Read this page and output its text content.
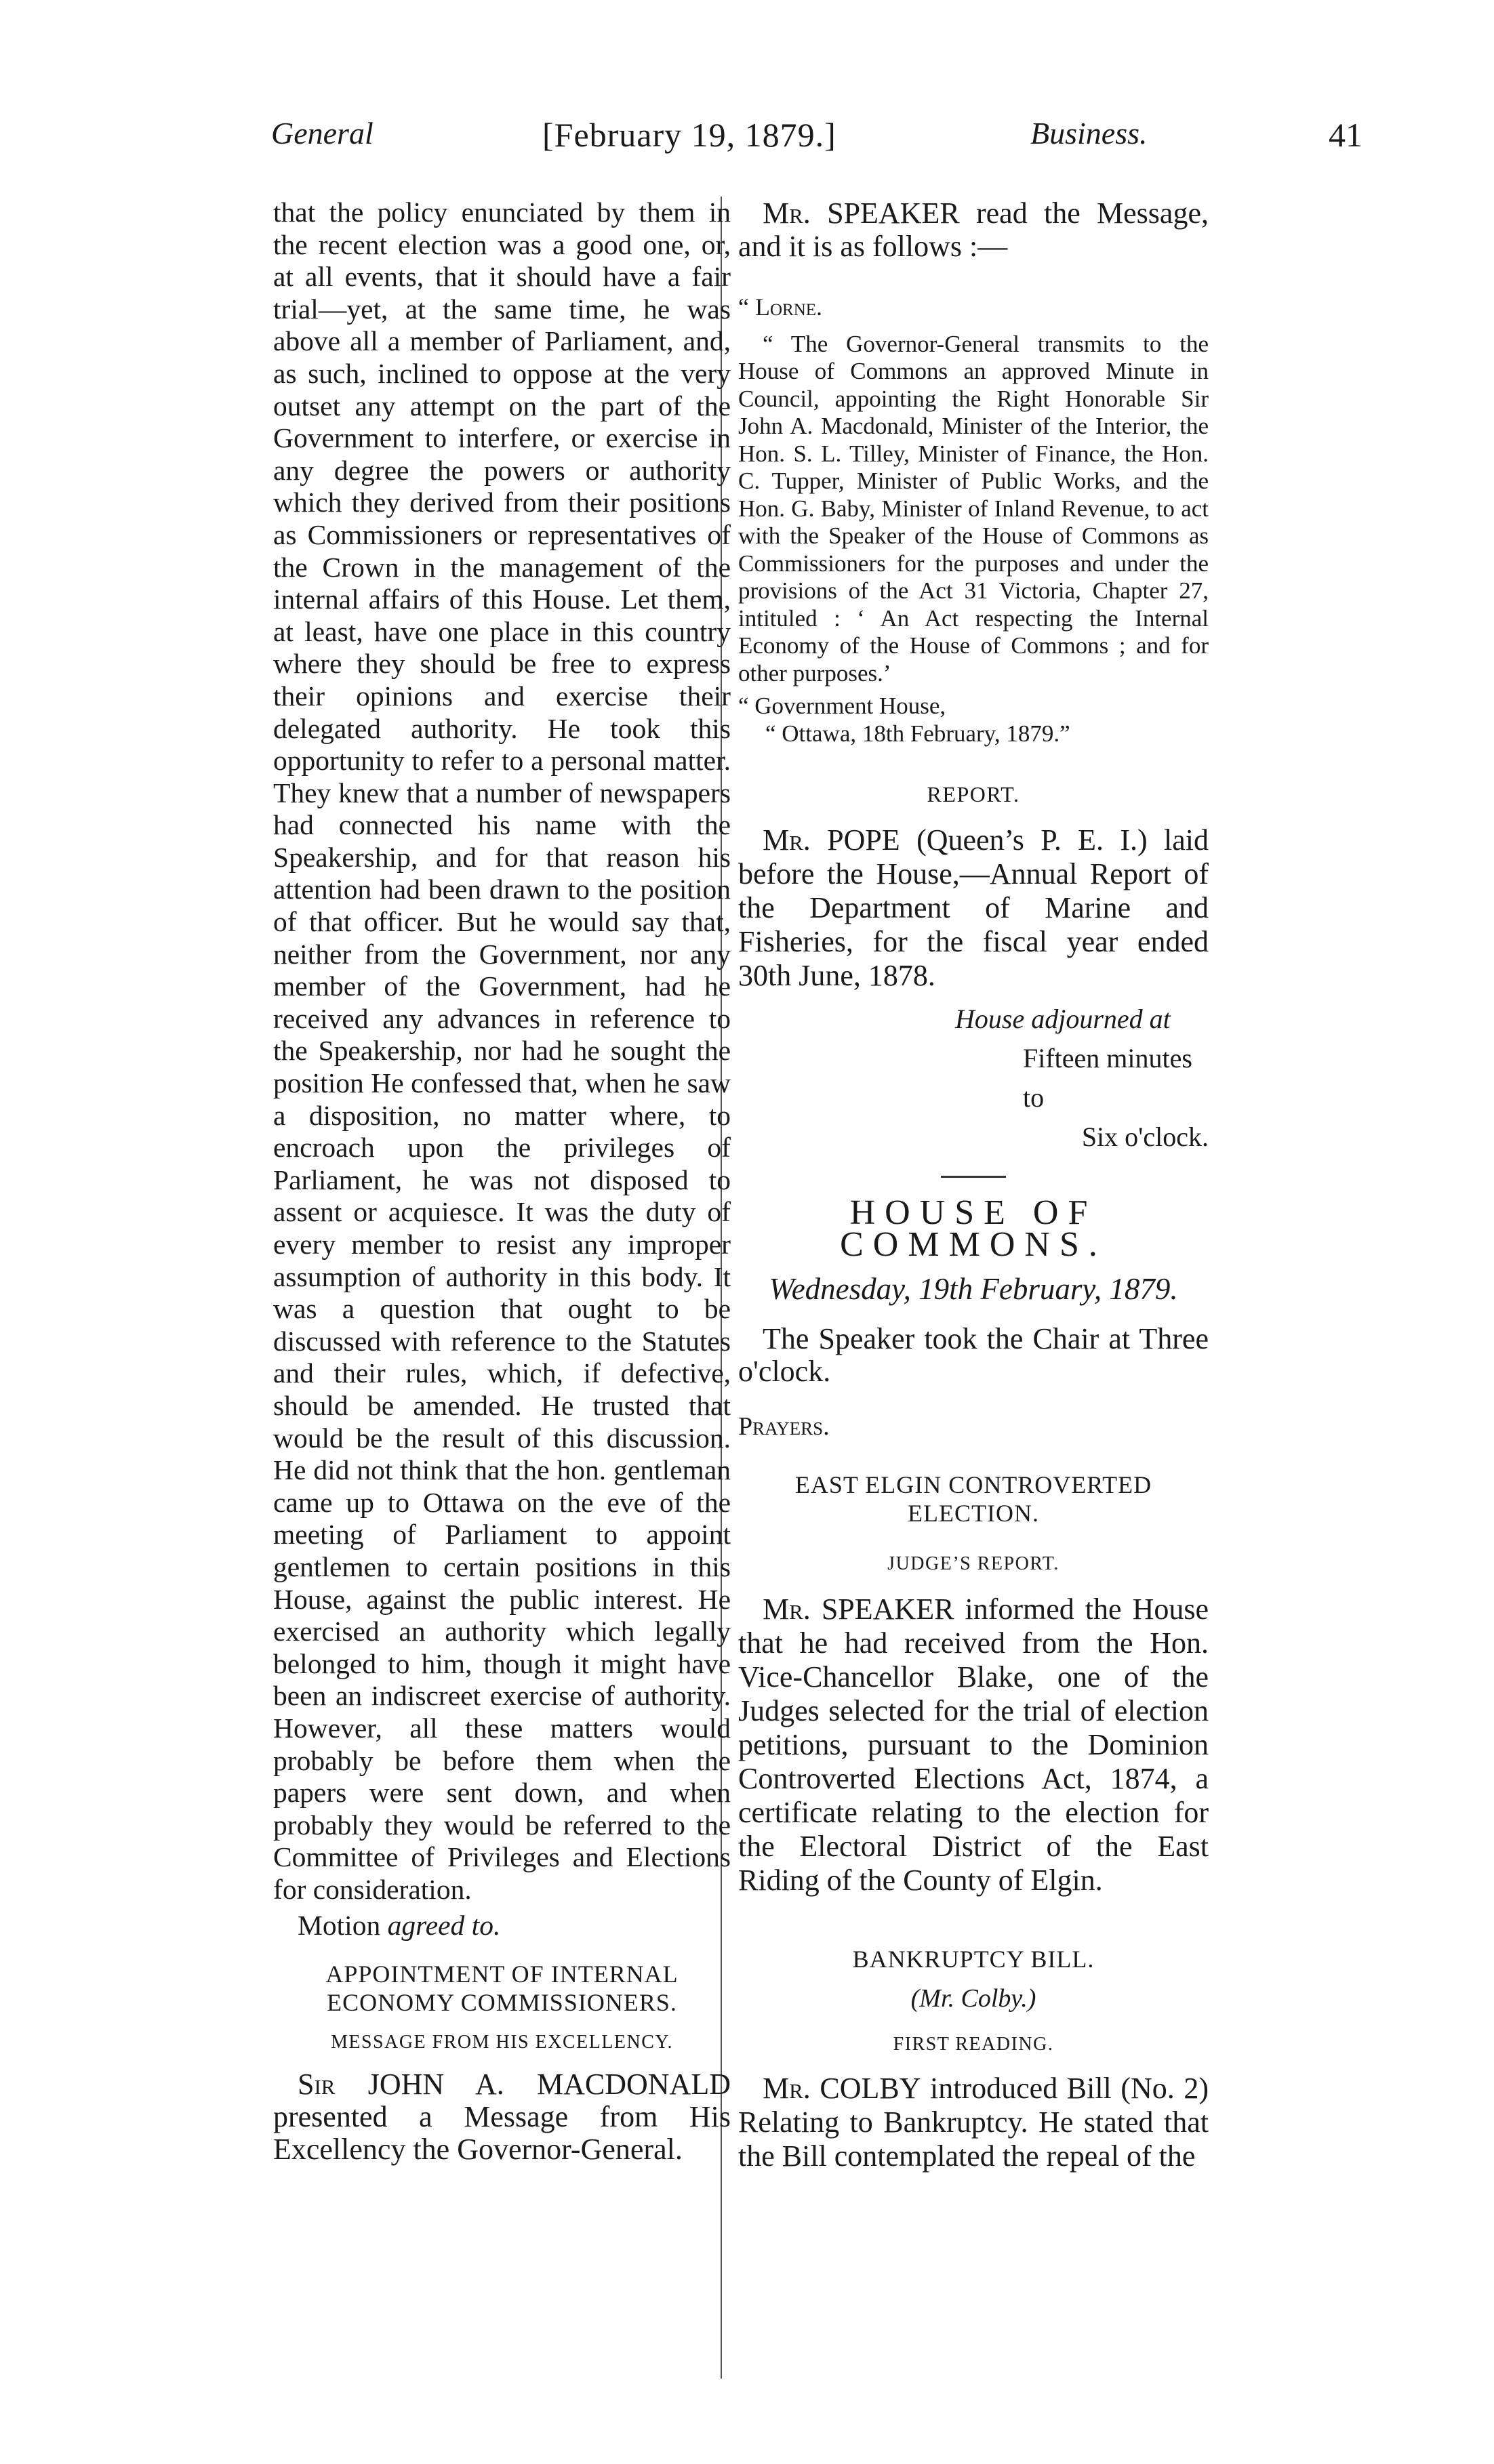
General	[February 19, 1879.]	Business.	41

that the policy enunciated by them in the recent election was a good one, or, at all events, that it should have a fair trial—yet, at the same time, he was above all a member of Parliament, and, as such, inclined to oppose at the very outset any attempt on the part of the Government to interfere, or exercise in any degree the powers or authority which they derived from their positions as Commissioners or representatives of the Crown in the management of the internal affairs of this House. Let them, at least, have one place in this country where they should be free to express their opinions and exercise their delegated authority. He took this opportunity to refer to a personal matter. They knew that a number of newspapers had connected his name with the Speakership, and for that reason his attention had been drawn to the position of that officer. But he would say that, neither from the Government, nor any member of the Government, had he received any advances in reference to the Speakership, nor had he sought the position He confessed that, when he saw a disposition, no matter where, to encroach upon the privileges of Parliament, he was not disposed to assent or acquiesce. It was the duty of every member to resist any improper assumption of authority in this body. It was a question that ought to be discussed with reference to the Statutes and their rules, which, if defective, should be amended. He trusted that would be the result of this discussion. He did not think that the hon. gentleman came up to Ottawa on the eve of the meeting of Parliament to appoint gentlemen to certain positions in this House, against the public interest. He exercised an authority which legally belonged to him, though it might have been an indiscreet exercise of authority. However, all these matters would probably be before them when the papers were sent down, and when probably they would be referred to the Committee of Privileges and Elections for consideration.

Motion agreed to.

APPOINTMENT OF INTERNAL ECONOMY COMMISSIONERS.
MESSAGE FROM HIS EXCELLENCY.

Sir JOHN A. MACDONALD presented a Message from His Excellency the Governor-General.

Mr. SPEAKER read the Message, and it is as follows :—

“ Lorne.

“ The Governor-General transmits to the House of Commons an approved Minute in Council, appointing the Right Honorable Sir John A. Macdonald, Minister of the Interior, the Hon. S. L. Tilley, Minister of Finance, the Hon. C. Tupper, Minister of Public Works, and the Hon. G. Baby, Minister of Inland Revenue, to act with the Speaker of the House of Commons as Commissioners for the purposes and under the provisions of the Act 31 Victoria, Chapter 27, intituled : ‘ An Act respecting the Internal Economy of the House of Commons ; and for other purposes.’

“ Government House,

“ Ottawa, 18th February, 1879.”

REPORT.

Mr. POPE (Queen’s P. E. I.) laid before the House,—Annual Report of the Department of Marine and Fisheries, for the fiscal year ended 30th June, 1878.

House adjourned at
Fifteen minutes to
Six o'clock.
HOUSE OF COMMONS.
Wednesday, 19th February, 1879.

The Speaker took the Chair at Three o'clock.

Prayers.

EAST ELGIN CONTROVERTED ELECTION.
JUDGE’S REPORT.

Mr. SPEAKER informed the House that he had received from the Hon. Vice-Chancellor Blake, one of the Judges selected for the trial of election petitions, pursuant to the Dominion Controverted Elections Act, 1874, a certificate relating to the election for the Electoral District of the East Riding of the County of Elgin.

BANKRUPTCY BILL.
(Mr. Colby.)
FIRST READING.

Mr. COLBY introduced Bill (No. 2) Relating to Bankruptcy. He stated that the Bill contemplated the repeal of the
